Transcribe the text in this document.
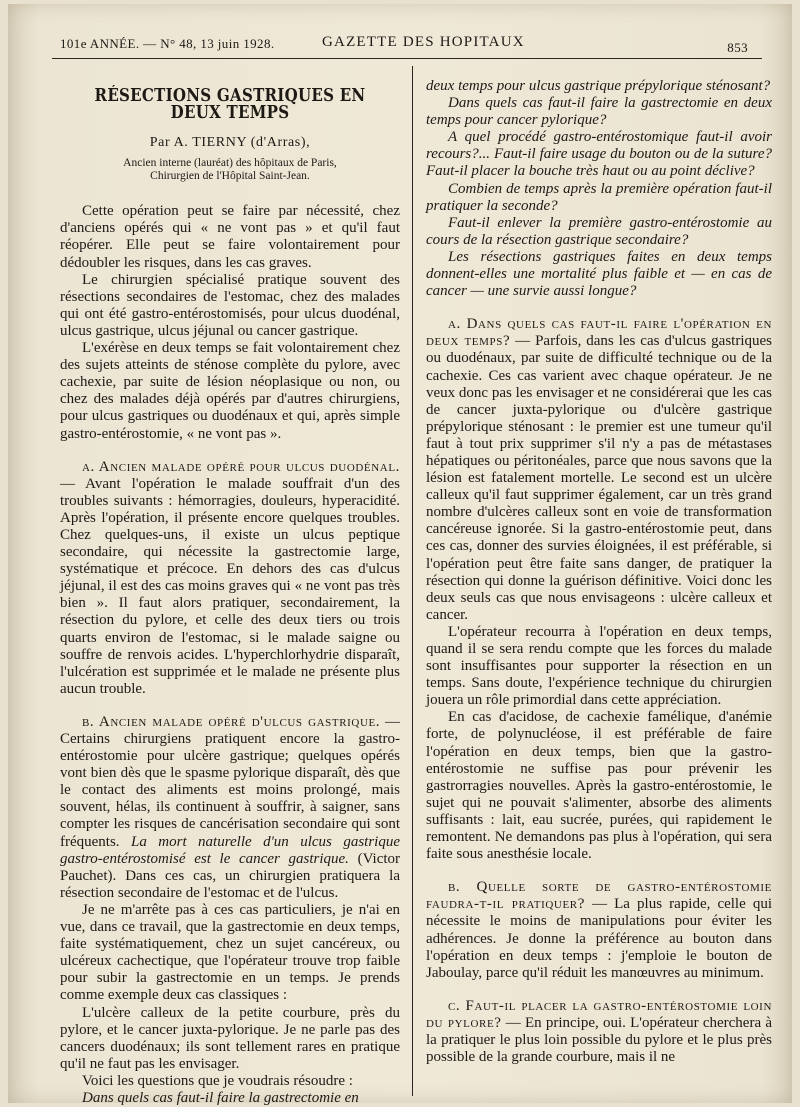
101e ANNÉE. — N° 48, 13 juin 1928.	GAZETTE DES HOPITAUX	853
RÉSECTIONS GASTRIQUES EN DEUX TEMPS
Par A. TIERNY (d'Arras),
Ancien interne (lauréat) des hôpitaux de Paris,
Chirurgien de l'Hôpital Saint-Jean.

Cette opération peut se faire par nécessité, chez d'anciens opérés qui « ne vont pas » et qu'il faut réopérer. Elle peut se faire volontairement pour dédoubler les risques, dans les cas graves.

Le chirurgien spécialisé pratique souvent des résections secondaires de l'estomac, chez des malades qui ont été gastro-entérostomisés, pour ulcus duodénal, ulcus gastrique, ulcus jéjunal ou cancer gastrique.

L'exérèse en deux temps se fait volontairement chez des sujets atteints de sténose complète du pylore, avec cachexie, par suite de lésion néoplasique ou non, ou chez des malades déjà opérés par d'autres chirurgiens, pour ulcus gastriques ou duodénaux et qui, après simple gastro-entérostomie, « ne vont pas ».

a. Ancien malade opéré pour ulcus duodénal. — Avant l'opération le malade souffrait d'un des troubles suivants : hémorragies, douleurs, hyperacidité. Après l'opération, il présente encore quelques troubles. Chez quelques-uns, il existe un ulcus peptique secondaire, qui nécessite la gastrectomie large, systématique et précoce. En dehors des cas d'ulcus jéjunal, il est des cas moins graves qui « ne vont pas très bien ». Il faut alors pratiquer, secondairement, la résection du pylore, et celle des deux tiers ou trois quarts environ de l'estomac, si le malade saigne ou souffre de renvois acides. L'hyperchlorhydrie disparaît, l'ulcération est supprimée et le malade ne présente plus aucun trouble.

b. Ancien malade opéré d'ulcus gastrique. — Certains chirurgiens pratiquent encore la gastro-entérostomie pour ulcère gastrique; quelques opérés vont bien dès que le spasme pylorique disparaît, dès que le contact des aliments est moins prolongé, mais souvent, hélas, ils continuent à souffrir, à saigner, sans compter les risques de cancérisation secondaire qui sont fréquents. La mort naturelle d'un ulcus gastrique gastro-entérostomisé est le cancer gastrique. (Victor Pauchet). Dans ces cas, un chirurgien pratiquera la résection secondaire de l'estomac et de l'ulcus.

Je ne m'arrête pas à ces cas particuliers, je n'ai en vue, dans ce travail, que la gastrectomie en deux temps, faite systématiquement, chez un sujet cancéreux, ou ulcéreux cachectique, que l'opérateur trouve trop faible pour subir la gastrectomie en un temps. Je prends comme exemple deux cas classiques :

L'ulcère calleux de la petite courbure, près du pylore, et le cancer juxta-pylorique. Je ne parle pas des cancers duodénaux; ils sont tellement rares en pratique qu'il ne faut pas les envisager.

Voici les questions que je voudrais résoudre :

Dans quels cas faut-il faire la gastrectomie en

deux temps pour ulcus gastrique prépylorique sténosant?

Dans quels cas faut-il faire la gastrectomie en deux temps pour cancer pylorique?

A quel procédé gastro-entérostomique faut-il avoir recours?... Faut-il faire usage du bouton ou de la suture? Faut-il placer la bouche très haut ou au point déclive?

Combien de temps après la première opération faut-il pratiquer la seconde?

Faut-il enlever la première gastro-entérostomie au cours de la résection gastrique secondaire?

Les résections gastriques faites en deux temps donnent-elles une mortalité plus faible et — en cas de cancer — une survie aussi longue?

a. Dans quels cas faut-il faire l'opération en deux temps? — Parfois, dans les cas d'ulcus gastriques ou duodénaux, par suite de difficulté technique ou de la cachexie. Ces cas varient avec chaque opérateur. Je ne veux donc pas les envisager et ne considérerai que les cas de cancer juxta-pylorique ou d'ulcère gastrique prépylorique sténosant : le premier est une tumeur qu'il faut à tout prix supprimer s'il n'y a pas de métastases hépatiques ou péritonéales, parce que nous savons que la lésion est fatalement mortelle. Le second est un ulcère calleux qu'il faut supprimer également, car un très grand nombre d'ulcères calleux sont en voie de transformation cancéreuse ignorée. Si la gastro-entérostomie peut, dans ces cas, donner des survies éloignées, il est préférable, si l'opération peut être faite sans danger, de pratiquer la résection qui donne la guérison définitive. Voici donc les deux seuls cas que nous envisageons : ulcère calleux et cancer.

L'opérateur recourra à l'opération en deux temps, quand il se sera rendu compte que les forces du malade sont insuffisantes pour supporter la résection en un temps. Sans doute, l'expérience technique du chirurgien jouera un rôle primordial dans cette appréciation.

En cas d'acidose, de cachexie famélique, d'anémie forte, de polynucléose, il est préférable de faire l'opération en deux temps, bien que la gastro-entérostomie ne suffise pas pour prévenir les gastrorragies nouvelles. Après la gastro-entérostomie, le sujet qui ne pouvait s'alimenter, absorbe des aliments suffisants : lait, eau sucrée, purées, qui rapidement le remontent. Ne demandons pas plus à l'opération, qui sera faite sous anesthésie locale.

b. Quelle sorte de gastro-entérostomie faudra-t-il pratiquer? — La plus rapide, celle qui nécessite le moins de manipulations pour éviter les adhérences. Je donne la préférence au bouton dans l'opération en deux temps : j'emploie le bouton de Jaboulay, parce qu'il réduit les manœuvres au minimum.

c. Faut-il placer la gastro-entérostomie loin du pylore? — En principe, oui. L'opérateur cherchera à la pratiquer le plus loin possible du pylore et le plus près possible de la grande courbure, mais il ne
